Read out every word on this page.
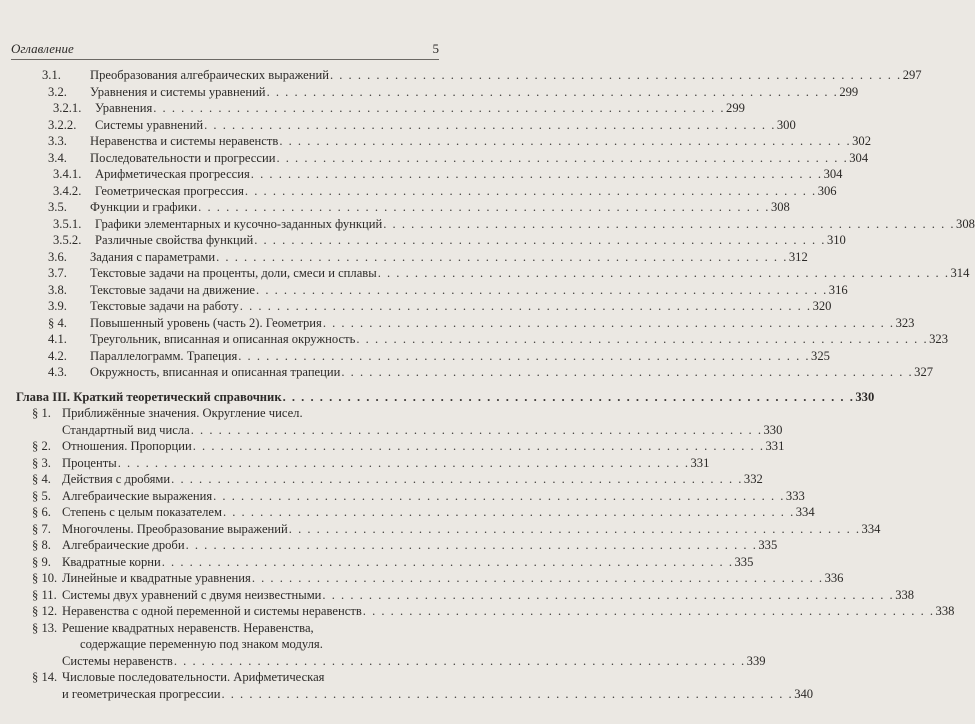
Оглавление	5
3.1. Преобразования алгебраических выражений . . . . . . . . . . . . . . . . . . . . . . . . . . . . . . . . . . . . . . . . . . . . . . . . . . . . . . . . . . . . . . 297
3.2. Уравнения и системы уравнений . . . . . . . . . . . . . . . . . . . . . . . . . . . . . . . . . . . . . . . . . . . . . . . . . . . . . . . . . . . . . . 299
3.2.1. Уравнения . . . . . . . . . . . . . . . . . . . . . . . . . . . . . . . . . . . . . . . . . . . . . . . . . . . . . . . . . . . . . . 299
3.2.2. Системы уравнений . . . . . . . . . . . . . . . . . . . . . . . . . . . . . . . . . . . . . . . . . . . . . . . . . . . . . . . . . . . . . . 300
3.3. Неравенства и системы неравенств . . . . . . . . . . . . . . . . . . . . . . . . . . . . . . . . . . . . . . . . . . . . . . . . . . . . . . . . . . . . . . 302
3.4. Последовательности и прогрессии . . . . . . . . . . . . . . . . . . . . . . . . . . . . . . . . . . . . . . . . . . . . . . . . . . . . . . . . . . . . . . 304
3.4.1. Арифметическая прогрессия . . . . . . . . . . . . . . . . . . . . . . . . . . . . . . . . . . . . . . . . . . . . . . . . . . . . . . . . . . . . . . 304
3.4.2. Геометрическая прогрессия . . . . . . . . . . . . . . . . . . . . . . . . . . . . . . . . . . . . . . . . . . . . . . . . . . . . . . . . . . . . . . 306
3.5. Функции и графики . . . . . . . . . . . . . . . . . . . . . . . . . . . . . . . . . . . . . . . . . . . . . . . . . . . . . . . . . . . . . . 308
3.5.1. Графики элементарных и кусочно-заданных функций . . . . . . . . . . . . . . . . . . . . . . . . . . . . . . . . . . . . . . . . . . . . . . . . . . . . . . . . . . . . . . 308
3.5.2. Различные свойства функций . . . . . . . . . . . . . . . . . . . . . . . . . . . . . . . . . . . . . . . . . . . . . . . . . . . . . . . . . . . . . . 310
3.6. Задания с параметрами . . . . . . . . . . . . . . . . . . . . . . . . . . . . . . . . . . . . . . . . . . . . . . . . . . . . . . . . . . . . . . 312
3.7. Текстовые задачи на проценты, доли, смеси и сплавы . . . . . . . . . . . . . . . . . . . . . . . . . . . . . . . . . . . . . . . . . . . . . . . . . . . . . . . . . . . . . . 314
3.8. Текстовые задачи на движение . . . . . . . . . . . . . . . . . . . . . . . . . . . . . . . . . . . . . . . . . . . . . . . . . . . . . . . . . . . . . . 316
3.9. Текстовые задачи на работу . . . . . . . . . . . . . . . . . . . . . . . . . . . . . . . . . . . . . . . . . . . . . . . . . . . . . . . . . . . . . . 320
§ 4. Повышенный уровень (часть 2). Геометрия . . . . . . . . . . . . . . . . . . . . . . . . . . . . . . . . . . . . . . . . . . . . . . . . . . . . . . . . . . . . . . 323
4.1. Треугольник, вписанная и описанная окружность . . . . . . . . . . . . . . . . . . . . . . . . . . . . . . . . . . . . . . . . . . . . . . . . . . . . . . . . . . . . . . 323
4.2. Параллелограмм. Трапеция . . . . . . . . . . . . . . . . . . . . . . . . . . . . . . . . . . . . . . . . . . . . . . . . . . . . . . . . . . . . . . 325
4.3. Окружность, вписанная и описанная трапеции . . . . . . . . . . . . . . . . . . . . . . . . . . . . . . . . . . . . . . . . . . . . . . . . . . . . . . . . . . . . . . 327
Глава III. Краткий теоретический справочник . . . . . . . . . . . . . . . . . . . . . . . . . . . . . . . . . . . . . . . . . . . . . . . . . . . . . . . . . . . . . . 330
§ 1. Приближённые значения. Округление чисел.
Стандартный вид числа . . . . . . . . . . . . . . . . . . . . . . . . . . . . . . . . . . . . . . . . . . . . . . . . . . . . . . . . . . . . . . 330
§ 2. Отношения. Пропорции . . . . . . . . . . . . . . . . . . . . . . . . . . . . . . . . . . . . . . . . . . . . . . . . . . . . . . . . . . . . . . 331
§ 3. Проценты . . . . . . . . . . . . . . . . . . . . . . . . . . . . . . . . . . . . . . . . . . . . . . . . . . . . . . . . . . . . . . 331
§ 4. Действия с дробями . . . . . . . . . . . . . . . . . . . . . . . . . . . . . . . . . . . . . . . . . . . . . . . . . . . . . . . . . . . . . . 332
§ 5. Алгебраические выражения . . . . . . . . . . . . . . . . . . . . . . . . . . . . . . . . . . . . . . . . . . . . . . . . . . . . . . . . . . . . . . 333
§ 6. Степень с целым показателем . . . . . . . . . . . . . . . . . . . . . . . . . . . . . . . . . . . . . . . . . . . . . . . . . . . . . . . . . . . . . . 334
§ 7. Многочлены. Преобразование выражений . . . . . . . . . . . . . . . . . . . . . . . . . . . . . . . . . . . . . . . . . . . . . . . . . . . . . . . . . . . . . . 334
§ 8. Алгебраические дроби . . . . . . . . . . . . . . . . . . . . . . . . . . . . . . . . . . . . . . . . . . . . . . . . . . . . . . . . . . . . . . 335
§ 9. Квадратные корни . . . . . . . . . . . . . . . . . . . . . . . . . . . . . . . . . . . . . . . . . . . . . . . . . . . . . . . . . . . . . . 335
§ 10. Линейные и квадратные уравнения . . . . . . . . . . . . . . . . . . . . . . . . . . . . . . . . . . . . . . . . . . . . . . . . . . . . . . . . . . . . . . 336
§ 11. Системы двух уравнений с двумя неизвестными . . . . . . . . . . . . . . . . . . . . . . . . . . . . . . . . . . . . . . . . . . . . . . . . . . . . . . . . . . . . . . 338
§ 12. Неравенства с одной переменной и системы неравенств . . . . . . . . . . . . . . . . . . . . . . . . . . . . . . . . . . . . . . . . . . . . . . . . . . . . . . . . . . . . . . 338
§ 13. Решение квадратных неравенств. Неравенства,
содержащие переменную под знаком модуля.
Системы неравенств . . . . . . . . . . . . . . . . . . . . . . . . . . . . . . . . . . . . . . . . . . . . . . . . . . . . . . . . . . . . . . 339
§ 14. Числовые последовательности. Арифметическая
и геометрическая прогрессии . . . . . . . . . . . . . . . . . . . . . . . . . . . . . . . . . . . . . . . . . . . . . . . . . . . . . . . . . . . . . . 340
